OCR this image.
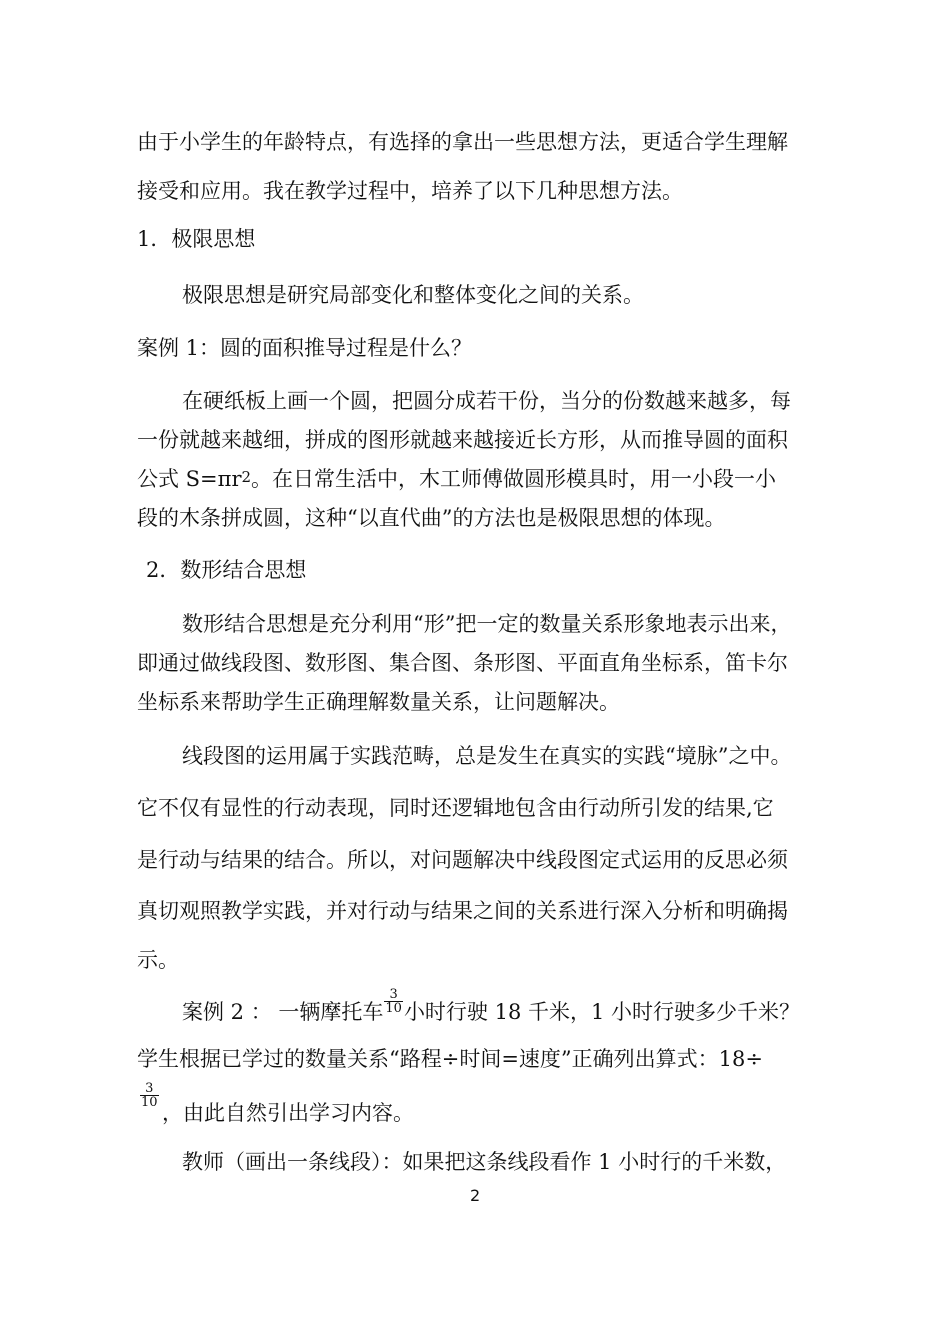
由于小学生的年龄特点，有选择的拿出一些思想方法，更适合学生理解
接受和应用。我在教学过程中，培养了以下几种思想方法。
1．极限思想
极限思想是研究局部变化和整体变化之间的关系。
案例 1：圆的面积推导过程是什么？
在硬纸板上画一个圆，把圆分成若干份，当分的份数越来越多，每
一份就越来越细，拼成的图形就越来越接近长方形，从而推导圆的面积
公式 $S=\pi r^2$。在日常生活中，木工师傅做圆形模具时，用一小段一小
段的木条拼成圆，这种“以直代曲”的方法也是极限思想的体现。
2．数形结合思想
数形结合思想是充分利用“形”把一定的数量关系形象地表示出来，
即通过做线段图、数形图、集合图、条形图、平面直角坐标系，笛卡尔
坐标系来帮助学生正确理解数量关系，让问题解决。
线段图的运用属于实践范畴，总是发生在真实的实践“境脉”之中。
它不仅有显性的行动表现，同时还逻辑地包含由行动所引发的结果,它
是行动与结果的结合。所以，对问题解决中线段图定式运用的反思必须
真切观照教学实践，并对行动与结果之间的关系进行深入分析和明确揭
示。
案例 2 ： 一辆摩托车 $\frac{3}{10}$ 小时行驶 18 千米，1 小时行驶多少千米？
学生根据已学过的数量关系“路程÷时间=速度”正确列出算式：18÷
$\frac{3}{10}$
，由此自然引出学习内容。
教师（画出一条线段）：如果把这条线段看作 1 小时行的千米数，
2
